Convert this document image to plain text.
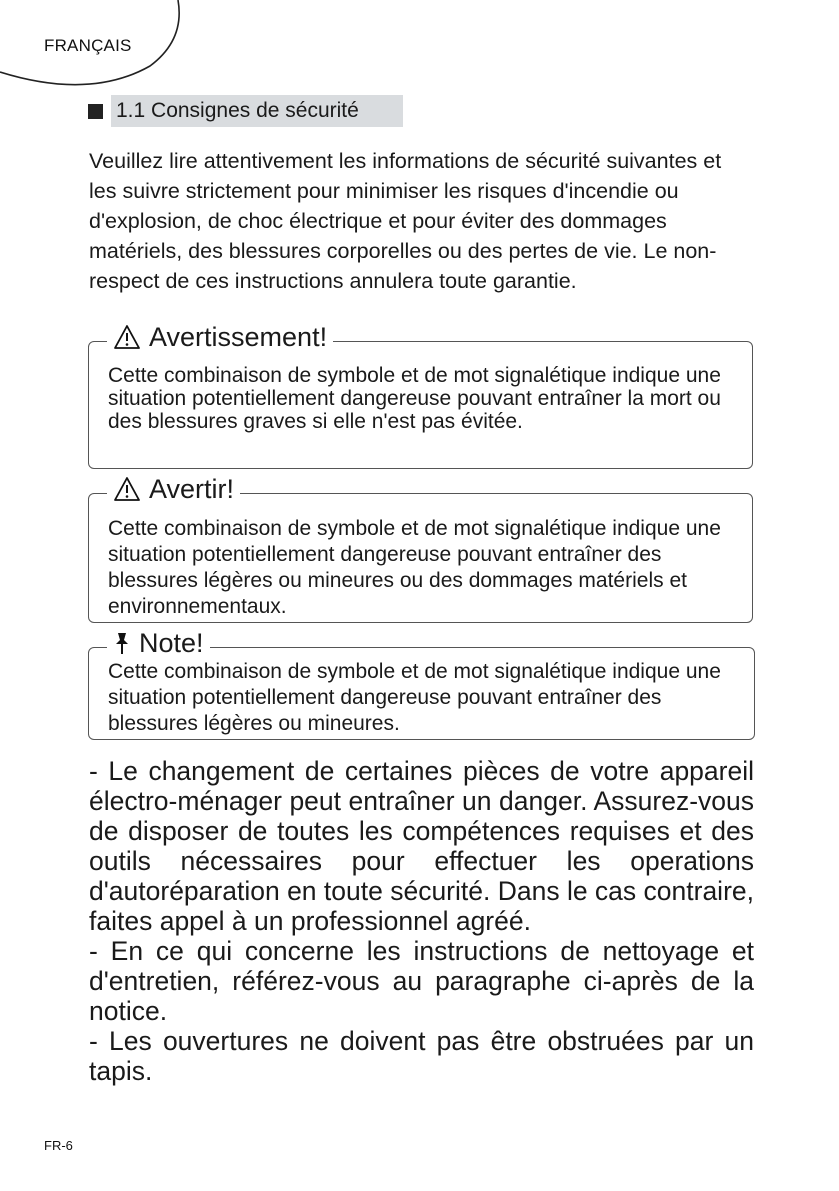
FRANÇAIS
1.1 Consignes de sécurité

Veuillez lire attentivement les informations de sécurité suivantes et les suivre strictement pour minimiser les risques d'incendie ou d'explosion, de choc électrique et pour éviter des dommages matériels, des blessures corporelles ou des pertes de vie. Le non-respect de ces instructions annulera toute garantie.

Avertissement!

Cette combinaison de symbole et de mot signalétique indique une situation potentiellement dangereuse pouvant entraîner la mort ou des blessures graves si elle n'est pas évitée.

Avertir!

Cette combinaison de symbole et de mot signalétique indique une situation potentiellement dangereuse pouvant entraîner des blessures légères ou mineures ou des dommages matériels et environnementaux.

Note!

Cette combinaison de symbole et de mot signalétique indique une situation potentiellement dangereuse pouvant entraîner des blessures légères ou mineures.

- Le changement de certaines pièces de votre appareil électro-ménager peut entraîner un danger. Assurez-vous de disposer de toutes les compétences requises et des outils nécessaires pour effectuer les operations d'autoréparation en toute sécurité. Dans le cas contraire, faites appel à un professionnel agréé.

- En ce qui concerne les instructions de nettoyage et d'entretien, référez-vous au paragraphe ci-après de la notice.

- Les ouvertures ne doivent pas être obstruées par un tapis.

FR-6
